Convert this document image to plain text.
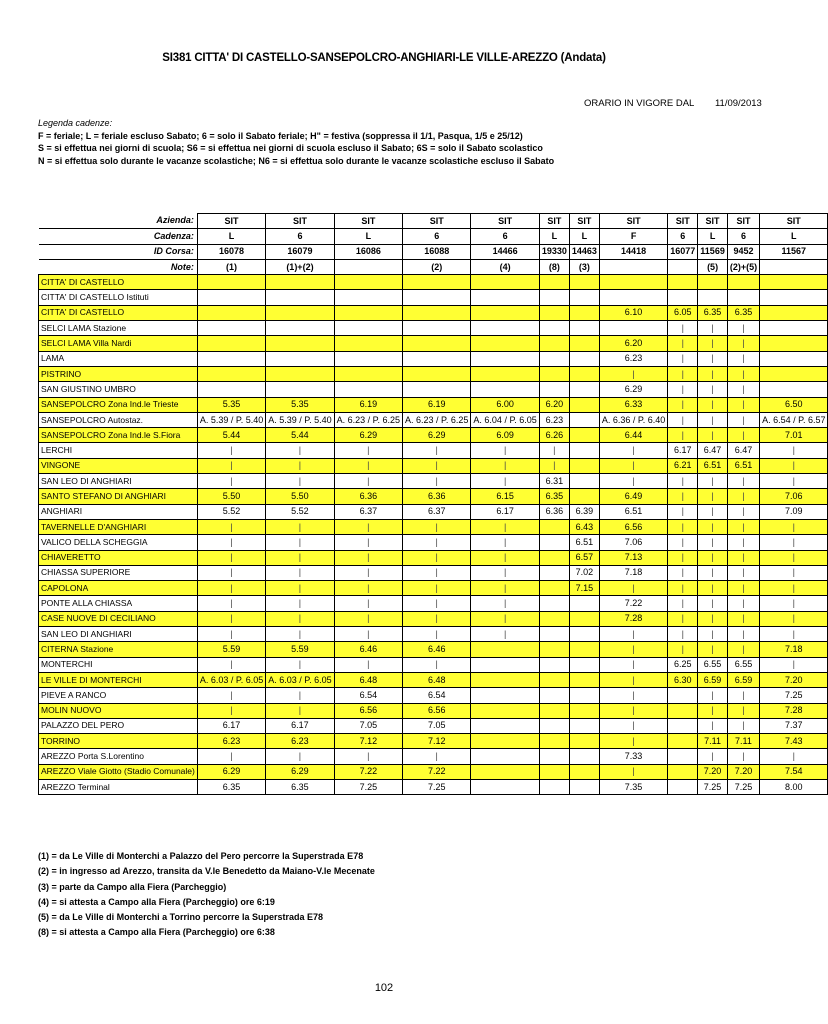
SI381 CITTA' DI CASTELLO-SANSEPOLCRO-ANGHIARI-LE VILLE-AREZZO (Andata)
ORARIO IN VIGORE DAL 11/09/2013
Legenda cadenze:
F = feriale; L = feriale escluso Sabato; 6 = solo il Sabato feriale; H" = festiva (soppressa il 1/1, Pasqua, 1/5 e 25/12)
S = si effettua nei giorni di scuola; S6 = si effettua nei giorni di scuola escluso il Sabato; 6S = solo il Sabato scolastico
N = si effettua solo durante le vacanze scolastiche; N6 = si effettua solo durante le vacanze scolastiche escluso il Sabato
Azienda:	SIT	SIT	SIT	SIT	SIT	SIT	SIT	SIT	SIT	SIT	SIT	SIT
Cadenza:	L	6	L	6	6	L	L	F	6	L	6	L
ID Corsa:	16078	16079	16086	16088	14466	19330	14463	14418	16077	11569	9452	11567
Note:	(1)	(1)+(2)		(2)	(4)	(8)	(3)			(5)	(2)+(5)	
CITTA' DI CASTELLO												
CITTA' DI CASTELLO Istituti												
CITTA' DI CASTELLO								6.10	6.05	6.35	6.35	
SELCI LAMA Stazione									|	|	|	
SELCI LAMA Villa Nardi								6.20	|	|	|	
LAMA								6.23	|	|	|	
PISTRINO								|	|	|	|	
SAN GIUSTINO UMBRO								6.29	|	|	|	
SANSEPOLCRO Zona Ind.le Trieste	5.35	5.35	6.19	6.19	6.00	6.20		6.33	|	|	|	6.50
SANSEPOLCRO Autostaz.	A. 5.39 / P. 5.40	A. 5.39 / P. 5.40	A. 6.23 / P. 6.25	A. 6.23 / P. 6.25	A. 6.04 / P. 6.05	6.23		A. 6.36 / P. 6.40	|	|	|	A. 6.54 / P. 6.57
SANSEPOLCRO Zona Ind.le S.Fiora	5.44	5.44	6.29	6.29	6.09	6.26		6.44	|	|	|	7.01
LERCHI	|	|	|	|	|	|		|	6.17	6.47	6.47	|
VINGONE	|	|	|	|	|	|		|	6.21	6.51	6.51	|
SAN LEO DI ANGHIARI	|	|	|	|	|	6.31		|	|	|	|	|
SANTO STEFANO DI ANGHIARI	5.50	5.50	6.36	6.36	6.15	6.35		6.49	|	|	|	7.06
ANGHIARI	5.52	5.52	6.37	6.37	6.17	6.36	6.39	6.51	|	|	|	7.09
TAVERNELLE D'ANGHIARI	|	|	|	|	|		6.43	6.56	|	|	|	|
VALICO DELLA SCHEGGIA	|	|	|	|	|		6.51	7.06	|	|	|	|
CHIAVERETTO	|	|	|	|	|		6.57	7.13	|	|	|	|
CHIASSA SUPERIORE	|	|	|	|	|		7.02	7.18	|	|	|	|
CAPOLONA	|	|	|	|	|		7.15	|	|	|	|	|
PONTE ALLA CHIASSA	|	|	|	|	|			7.22	|	|	|	|
CASE NUOVE DI CECILIANO	|	|	|	|	|			7.28	|	|	|	|
SAN LEO DI ANGHIARI	|	|	|	|	|			|	|	|	|	|
CITERNA Stazione	5.59	5.59	6.46	6.46				|	|	|	|	7.18
MONTERCHI	|	|	|	|				|	6.25	6.55	6.55	|
LE VILLE DI MONTERCHI	A. 6.03 / P. 6.05	A. 6.03 / P. 6.05	6.48	6.48				|	6.30	6.59	6.59	7.20
PIEVE A RANCO	|	|	6.54	6.54				|		|	|	7.25
MOLIN NUOVO	|	|	6.56	6.56				|		|	|	7.28
PALAZZO DEL PERO	6.17	6.17	7.05	7.05				|		|	|	7.37
TORRINO	6.23	6.23	7.12	7.12				|		7.11	7.11	7.43
AREZZO Porta S.Lorentino	|	|	|	|				7.33		|	|	|
AREZZO Viale Giotto (Stadio Comunale)	6.29	6.29	7.22	7.22				|		7.20	7.20	7.54
AREZZO Terminal	6.35	6.35	7.25	7.25				7.35		7.25	7.25	8.00
(1) = da Le Ville di Monterchi a Palazzo del Pero percorre la Superstrada E78
(2) = in ingresso ad Arezzo, transita da V.le Benedetto da Maiano-V.le Mecenate
(3) = parte da Campo alla Fiera (Parcheggio)
(4) = si attesta a Campo alla Fiera (Parcheggio) ore 6:19
(5) = da Le Ville di Monterchi a Torrino percorre la Superstrada E78
(8) = si attesta a Campo alla Fiera (Parcheggio) ore 6:38
102
